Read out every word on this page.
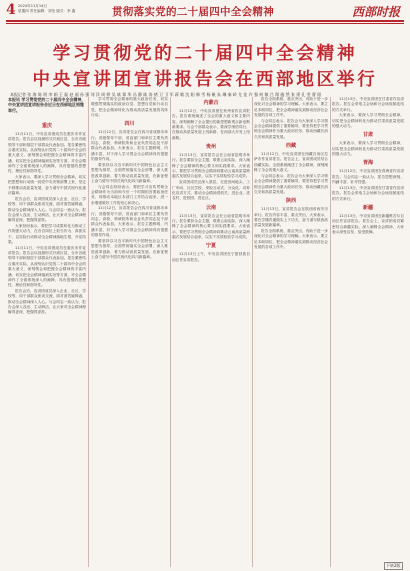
4 2024年11月14日
星期四 责任编辑：刘莹 版式：李 鑫	贯彻落实党的二十届四中全会精神	西部时报
学习贯彻党的二十届四中全会精神
中央宣讲团宣讲报告会在西部地区举行
本报记者 张 海 陈 明 李 娟 王 磊 赵 丽 孙 强 刘 洋 周 婷 吴 斌 郑 华 冯 静 陈 涛 褚 卫 卫 军 蒋 敏 沈 阳 韩 雪 杨 帆 朱 琳 秦 岭 尤 佳 许 强 何 敏 吕 翔 施 然 张 勇 孔 雯 曹 阳
本报讯 学习贯彻党的二十届四中全会精神，中央宣讲团宣讲报告会近日在西部地区相继举行。
重庆

11月11日，中央宣讲团成员在重庆市作宣讲报告。报告会以视频形式开到区县，全市各级领导干部和基层干部群众代表参加。报告紧密结合重庆实际，从深刻认识党的二十届四中全会的重大意义、深刻领会和把握全会精神的丰富内涵、切实把全会精神落到实处等方面，对全会精神作了全面系统深入的阐释，具有很强的思想性、理论性和指导性。

大家表示，要深入学习贯彻全会精神，切实把思想和行动统一到党中央决策部署上来，坚定不移推动高质量发展，奋力谱写中国式现代化重庆篇章。

报告会后，宣讲团成员深入企业、社区、学校等，同干部群众座谈交流，面对面答疑释惑，推动全会精神深入人心。与会同志一致认为，报告会深入浅出、生动鲜活，让大家对全会精神理解得更深、把握得更准。

大家纷纷表示，要把学习成果转化为推动工作的强大动力，在各自岗位上担当作为、真抓实干，以实际行动推动全会精神落地生根、开花结果。

11月11日，中央宣讲团成员在重庆市作宣讲报告。报告会以视频形式开到区县，全市各级领导干部和基层干部群众代表参加。报告紧密结合重庆实际，从深刻认识党的二十届四中全会的重大意义、深刻领会和把握全会精神的丰富内涵、切实把全会精神落到实处等方面，对全会精神作了全面系统深入的阐释，具有很强的思想性、理论性和指导性。

报告会后，宣讲团成员深入企业、社区、学校等，同干部群众座谈交流，面对面答疑释惑，推动全会精神深入人心。与会同志一致认为，报告会深入浅出、生动鲜活，让大家对全会精神理解得更深、把握得更准。

学习贯彻全会精神的重大政治任务，切实增强贯彻落实的政治自觉、思想自觉和行动自觉，把全会精神转化为推动高质量发展的具体行动。

四川

11月12日，宣讲报告会在四川省成都市举行。省级领导干部，省直部门和单位主要负责同志，高校、科研院所和企业负责同志及干部群众代表参加。大家表示，报告主题鲜明、内涵丰富，对于深入学习领会全会精神具有很强的指导作用。

要坚持以习近平新时代中国特色社会主义思想为指导，全面贯彻落实全会部署，深入推进改革创新，着力推动高质量发展，在新征程上奋力谱写中国式现代化四川新篇章。

与会同志纷纷表示，要把学习宣传贯彻全会精神作为当前和今后一个时期的首要政治任务，同推动本地区本部门工作结合起来，进一步增强做好工作的信心和决心。

11月12日，宣讲报告会在四川省成都市举行。省级领导干部，省直部门和单位主要负责同志，高校、科研院所和企业负责同志及干部群众代表参加。大家表示，报告主题鲜明、内涵丰富，对于深入学习领会全会精神具有很强的指导作用。

要坚持以习近平新时代中国特色社会主义思想为指导，全面贯彻落实全会部署，深入推进改革创新，着力推动高质量发展，在新征程上奋力谱写中国式现代化四川新篇章。

内蒙古

11月12日，中央宣讲团在贵州省作宣讲报告。报告系统阐述了全会的重大意义和主要内容，深刻阐释了全会提出的新思想新观点新论断新要求。与会干部群众表示，要深学细悟笃行，在推动高质量发展上闯新路、在西部大开发上闯新路。

贵州

11月13日，宣讲报告会在云南省昆明市举行。报告紧扣全会主题，联系云南实际，深入阐释了全会精神的核心要义和实践要求。大家表示，要把学习贯彻全会精神同推动云南高质量跨越式发展结合起来，以实干实绩检验学习成效。

宣讲团成员还深入基层，走进田间地头、工厂车间、社区学校，采取互动式、分众化、对象化宣讲方式，推动全会精神进机关、进企业、进农村、进校园、进社区。

云南

11月13日，宣讲报告会在云南省昆明市举行。报告紧扣全会主题，联系云南实际，深入阐释了全会精神的核心要义和实践要求。大家表示，要把学习贯彻全会精神同推动云南高质量跨越式发展结合起来，以实干实绩检验学习成效。

宁夏

11月13日上午，中央宣讲团在宁夏回族自治区作宣讲报告。

报告全面系统、重点突出，有助于进一步深化对全会精神的学习理解。大家表示，要立足本职岗位，把全会精神落实到推动经济社会发展的各项工作中。

与会同志表示，报告会为大家深入学习领会全会精神提供了重要辅导，要坚持把学习贯彻全会精神作为重大政治任务，推动西藏长治久安和高质量发展。

西藏

11月12日，中央宣讲团在西藏自治区拉萨市作宣讲报告。报告会上，宣讲团成员结合西藏实际，全面系统阐述了全会精神，深刻阐释了全会的重大意义。

与会同志表示，报告会为大家深入学习领会全会精神提供了重要辅导，要坚持把学习贯彻全会精神作为重大政治任务，推动西藏长治久安和高质量发展。

陕西

11月13日，宣讲报告会在陕西省西安市举行。报告内容丰富、重点突出，大家表示，要在学懂弄通做实上下功夫，奋力谱写陕西高质量发展新篇章。

报告全面系统、重点突出，有助于进一步深化对全会精神的学习理解。大家表示，要立足本职岗位，把全会精神落实到推动经济社会发展的各项工作中。

11月13日，中央宣讲团在甘肃省作宣讲报告。报告会采取主会场和分会场视频连线的方式举行。

大家表示，要深入学习贯彻全会精神，切实把全会精神转化为推动甘肃高质量发展的强大动力。

甘肃

大家表示，要深入学习贯彻全会精神，切实把全会精神转化为推动甘肃高质量发展的强大动力。

青海

11月12日，中央宣讲团在青海省作宣讲报告。与会同志一致认为，报告思想深刻、内涵丰富、针对性强。

11月13日，中央宣讲团在甘肃省作宣讲报告。报告会采取主会场和分会场视频连线的方式举行。

新疆

11月13日，中央宣讲团在新疆维吾尔自治区作宣讲报告。报告会上，宣讲团成员紧密结合新疆实际，深入阐释全会精神，大家表示深受启发、倍受鼓舞。

下转2版
